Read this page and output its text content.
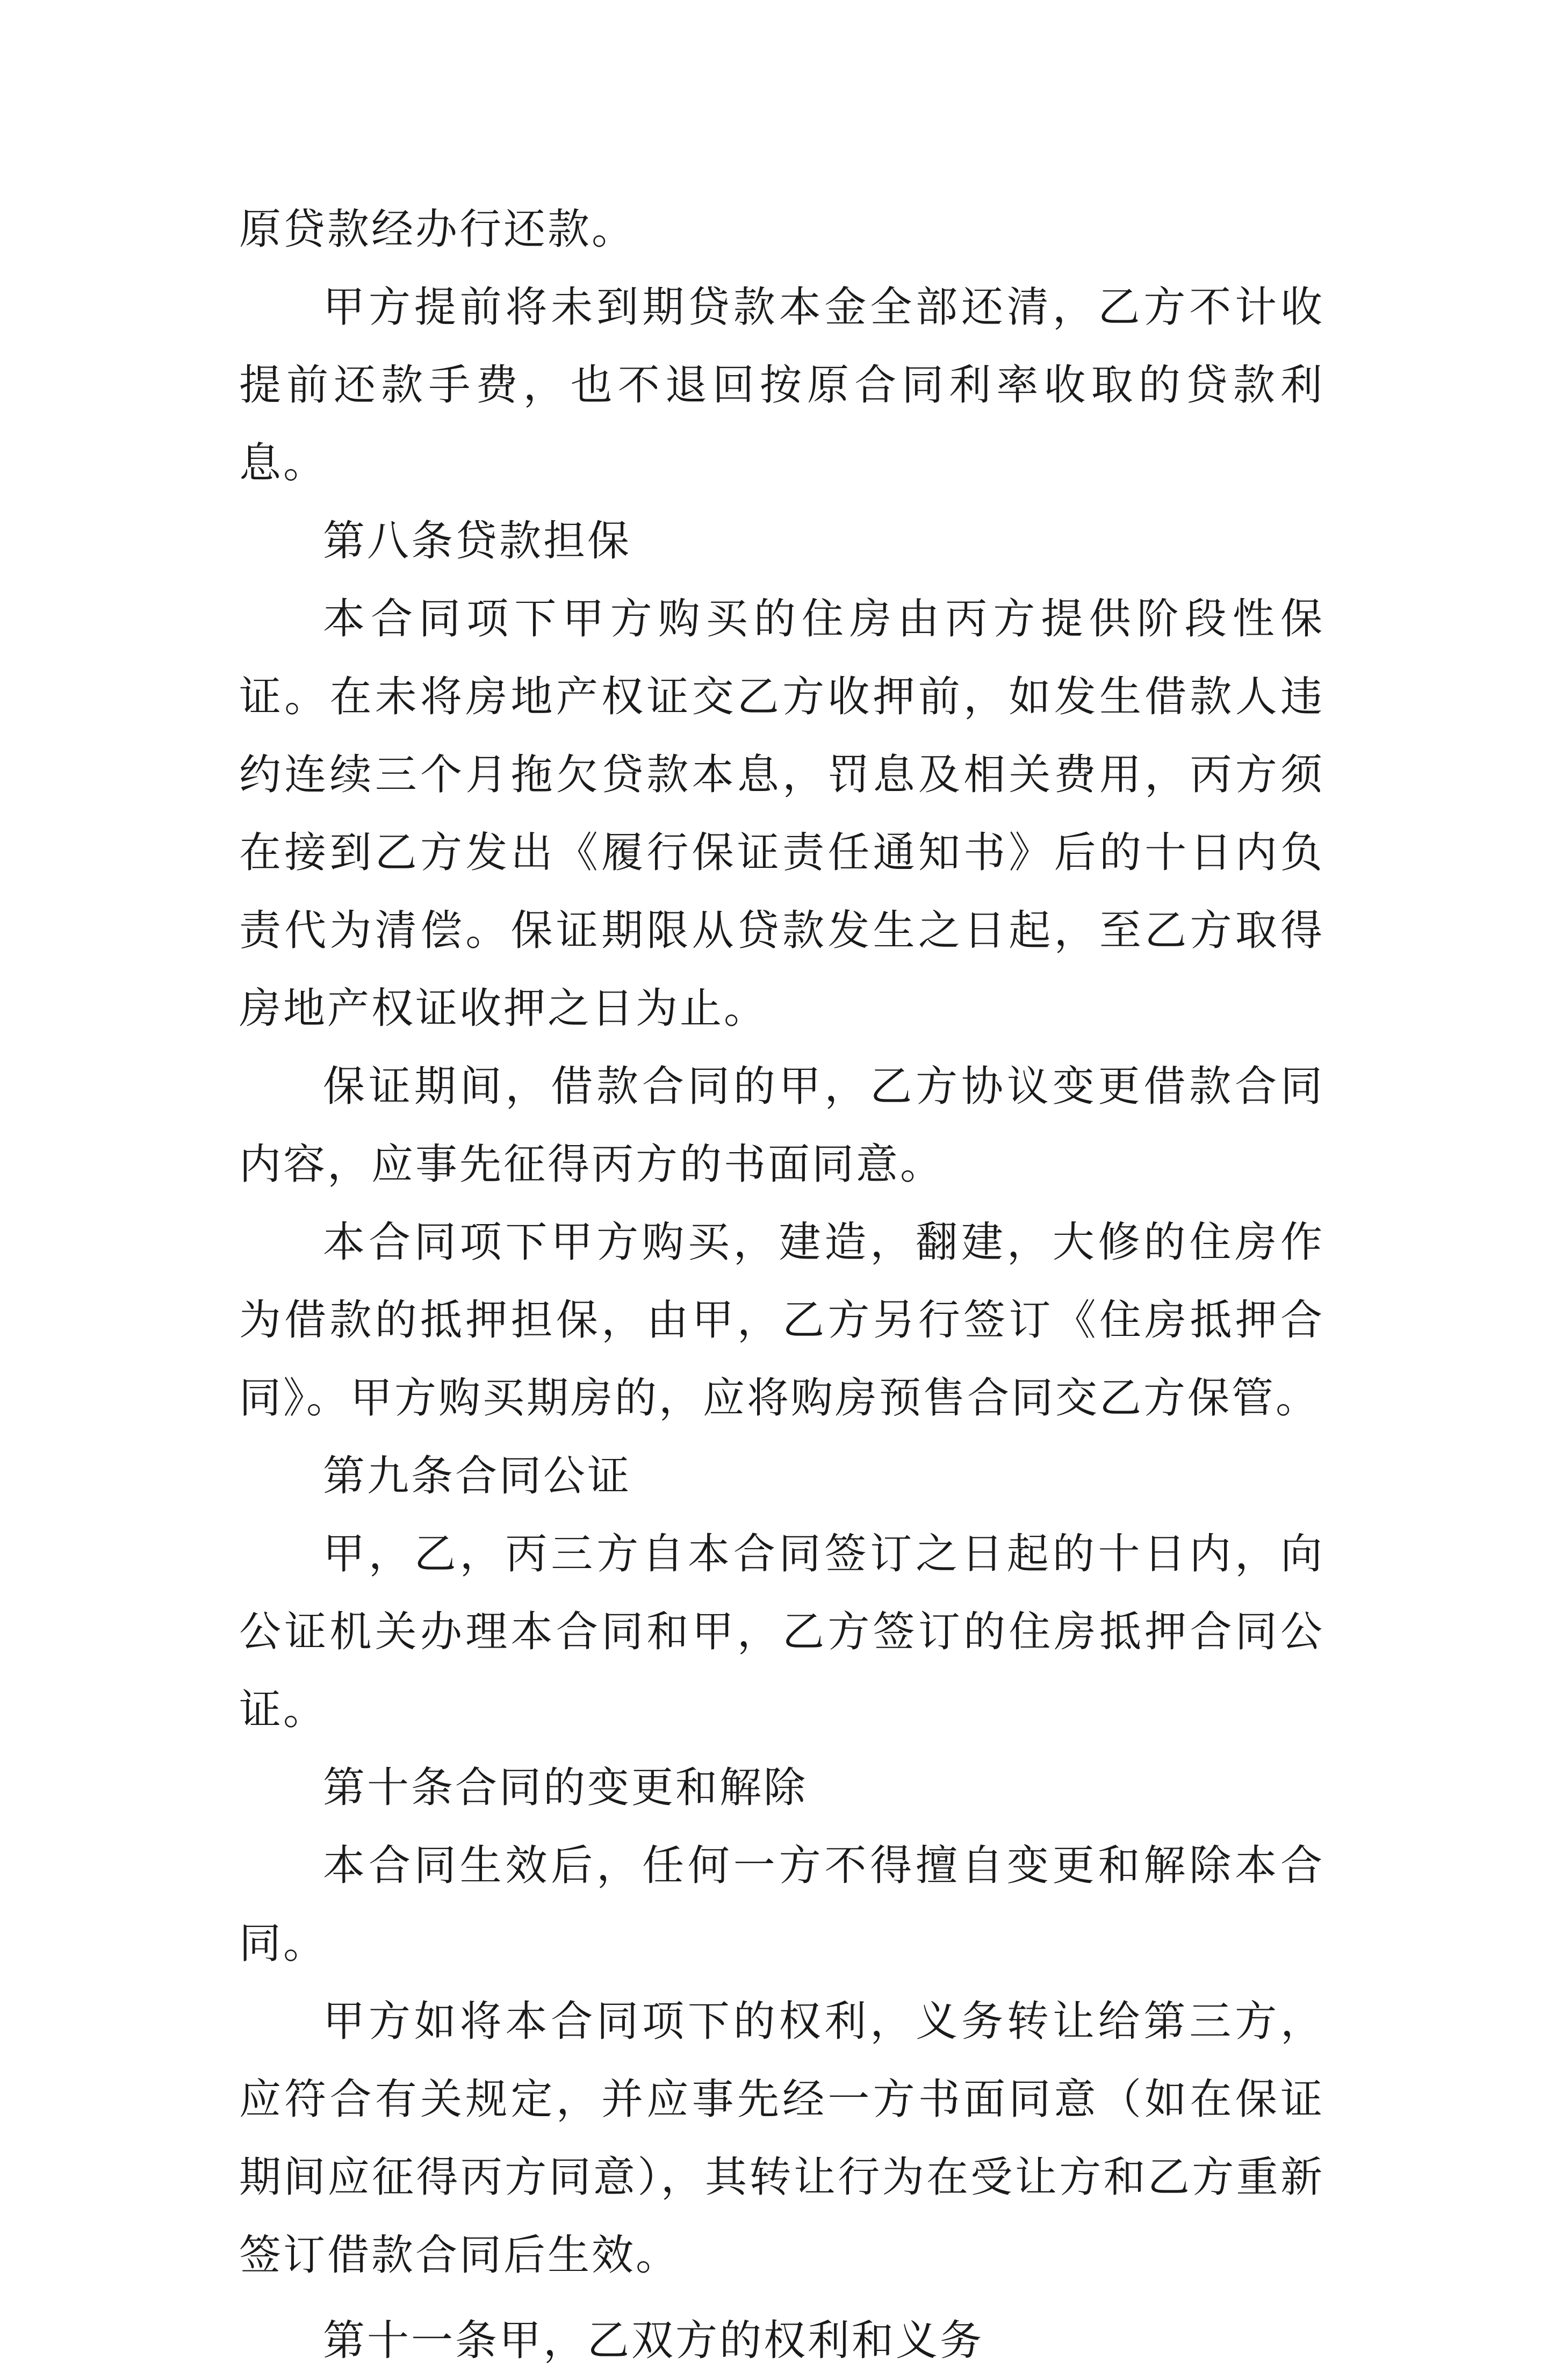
原贷款经办行还款。

甲方提前将未到期贷款本金全部还清，乙方不计收提前还款手费，也不退回按原合同利率收取的贷款利息。

第八条贷款担保

本合同项下甲方购买的住房由丙方提供阶段性保证。在未将房地产权证交乙方收押前，如发生借款人违约连续三个月拖欠贷款本息，罚息及相关费用，丙方须在接到乙方发出《履行保证责任通知书》后的十日内负责代为清偿。保证期限从贷款发生之日起，至乙方取得房地产权证收押之日为止。

保证期间，借款合同的甲，乙方协议变更借款合同内容，应事先征得丙方的书面同意。

本合同项下甲方购买，建造，翻建，大修的住房作为借款的抵押担保，由甲，乙方另行签订《住房抵押合同》。甲方购买期房的，应将购房预售合同交乙方保管。

第九条合同公证

甲，乙，丙三方自本合同签订之日起的十日内，向公证机关办理本合同和甲，乙方签订的住房抵押合同公证。

第十条合同的变更和解除

本合同生效后，任何一方不得擅自变更和解除本合同。

甲方如将本合同项下的权利，义务转让给第三方，应符合有关规定，并应事先经一方书面同意（如在保证期间应征得丙方同意），其转让行为在受让方和乙方重新签订借款合同后生效。

第十一条甲，乙双方的权利和义务
